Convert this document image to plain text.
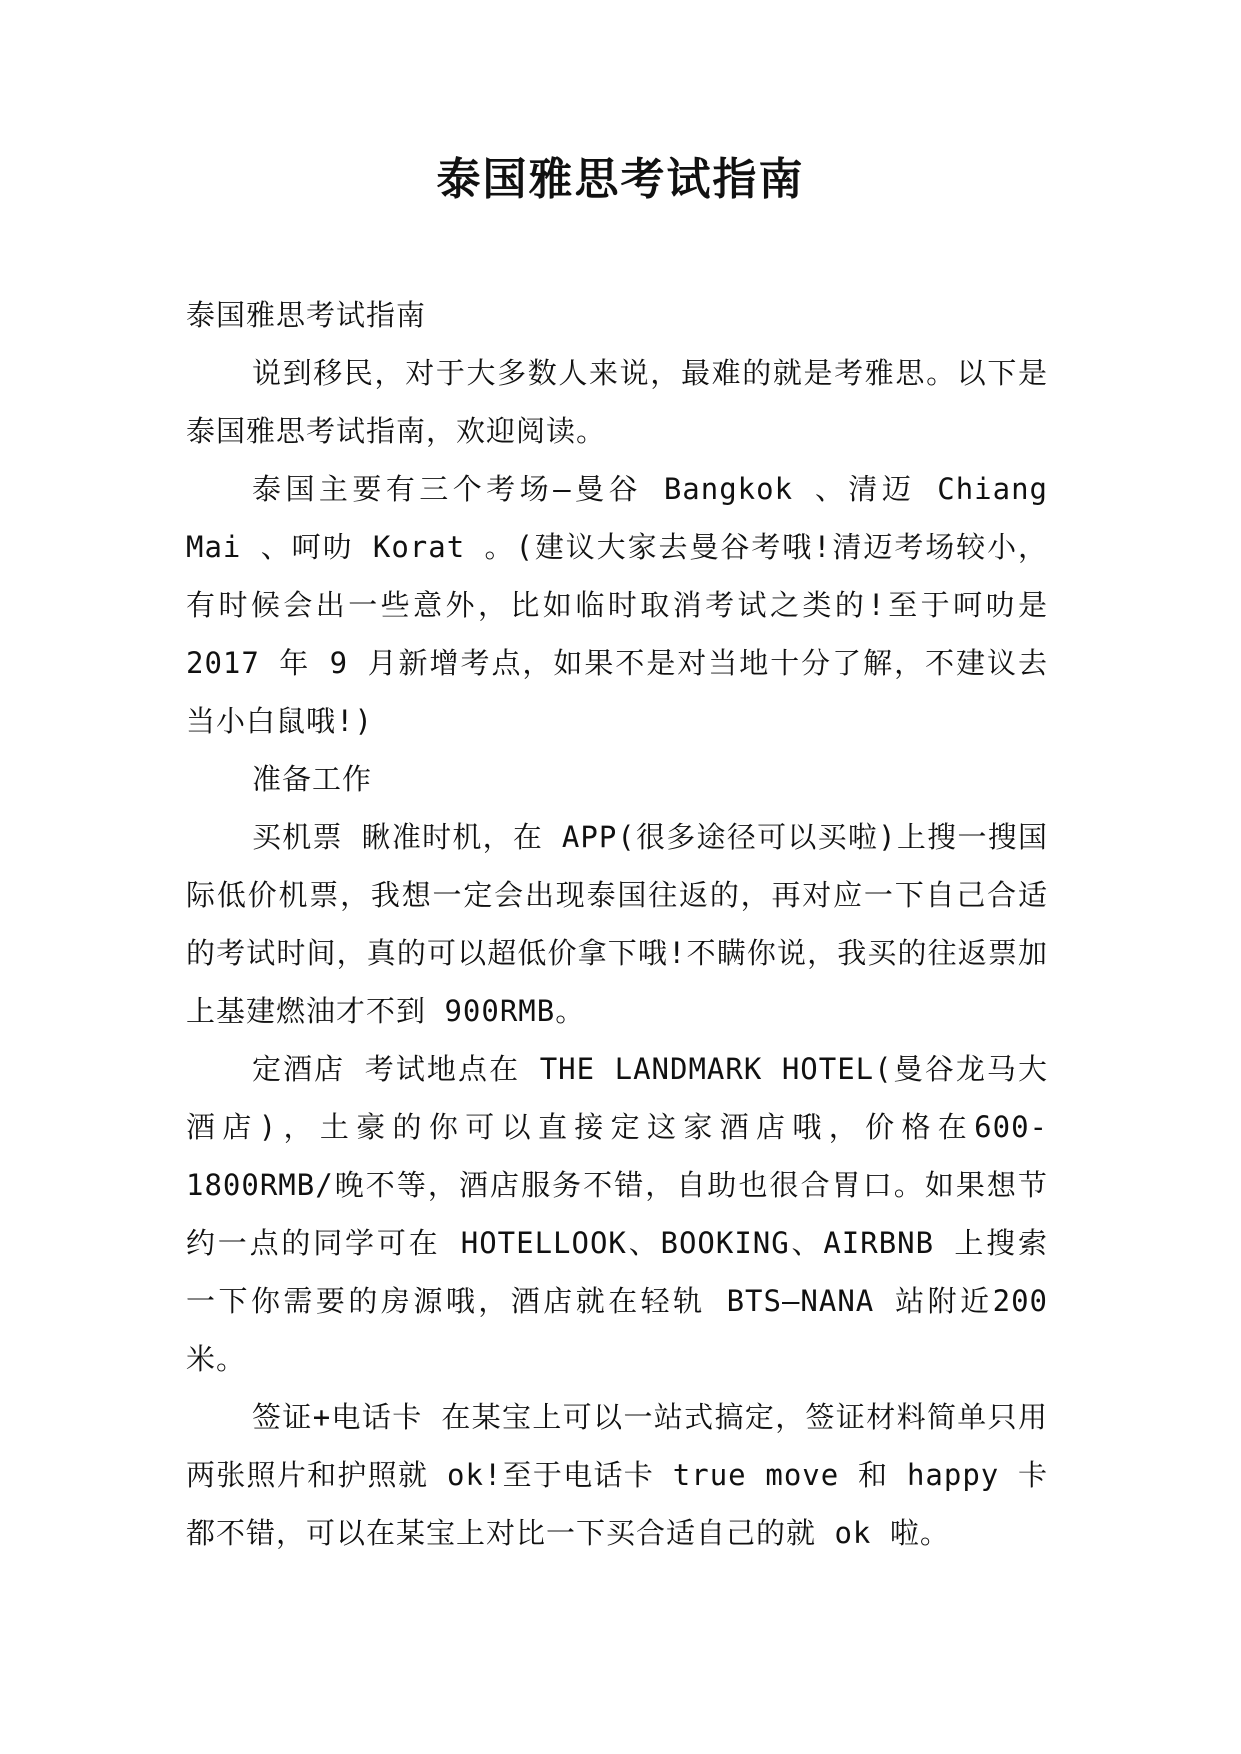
泰国雅思考试指南

泰国雅思考试指南

说到移民，对于大多数人来说，最难的就是考雅思。以下是泰国雅思考试指南，欢迎阅读。

泰国主要有三个考场—曼谷 Bangkok 、清迈 Chiang Mai 、呵叻 Korat 。(建议大家去曼谷考哦!清迈考场较小，有时候会出一些意外，比如临时取消考试之类的!至于呵叻是 2017 年 9 月新增考点，如果不是对当地十分了解，不建议去当小白鼠哦!)

准备工作

买机票 瞅准时机，在 APP(很多途径可以买啦)上搜一搜国际低价机票，我想一定会出现泰国往返的，再对应一下自己合适的考试时间，真的可以超低价拿下哦!不瞒你说，我买的往返票加上基建燃油才不到 900RMB。

定酒店 考试地点在 THE LANDMARK HOTEL(曼谷龙马大酒店)，土豪的你可以直接定这家酒店哦，价格在600-1800RMB/晚不等，酒店服务不错，自助也很合胃口。如果想节约一点的同学可在 HOTELLOOK、BOOKING、AIRBNB 上搜索一下你需要的房源哦，酒店就在轻轨 BTS—NANA 站附近200 米。

签证+电话卡 在某宝上可以一站式搞定，签证材料简单只用两张照片和护照就 ok!至于电话卡 true move 和 happy 卡都不错，可以在某宝上对比一下买合适自己的就 ok 啦。
